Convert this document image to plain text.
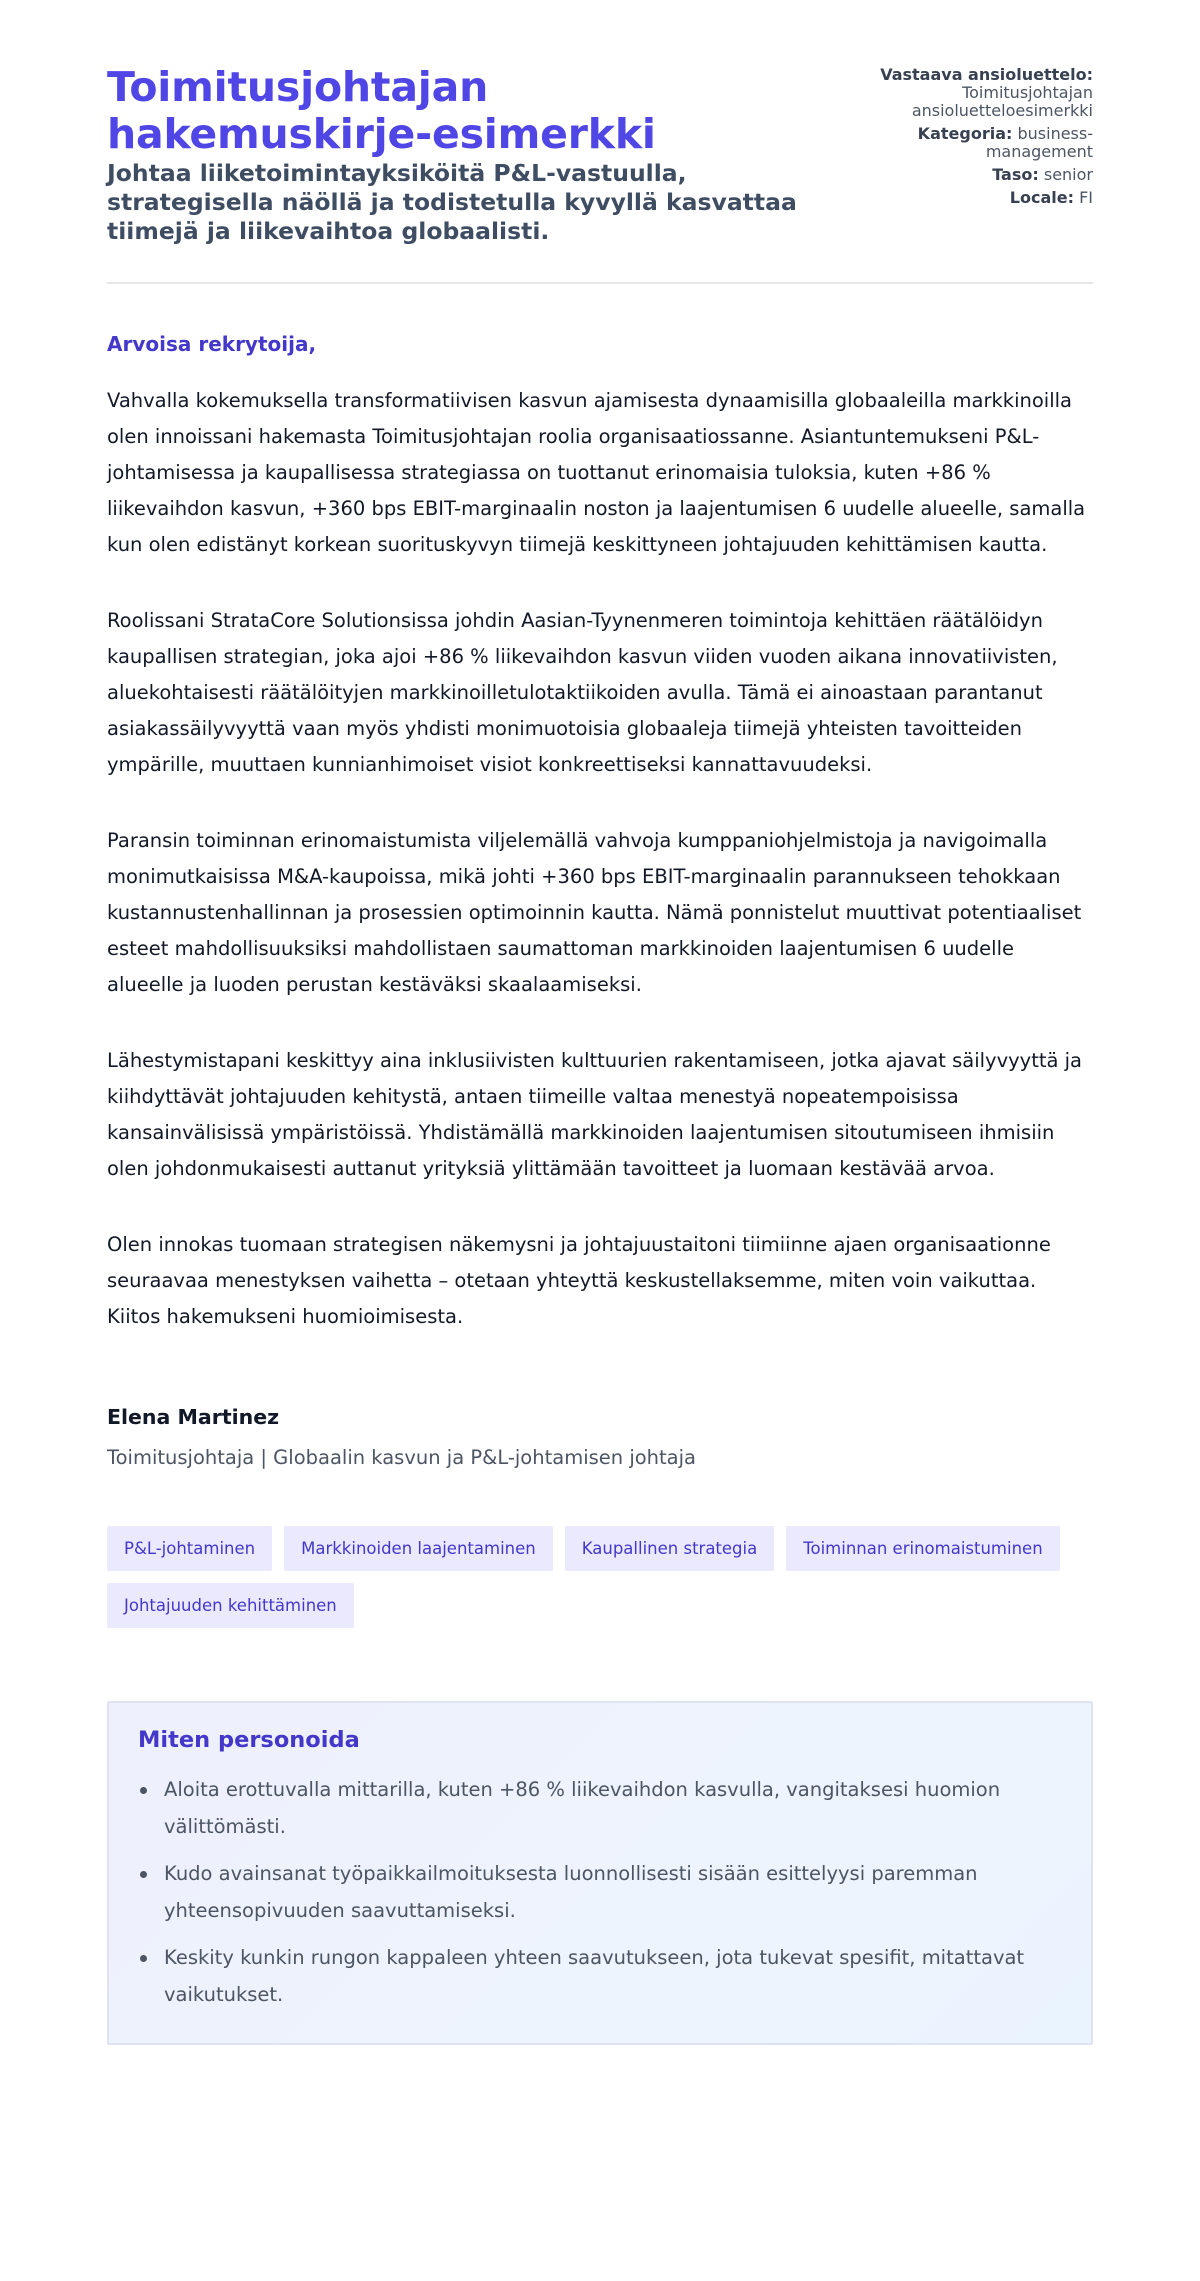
Toimitusjohtajan hakemuskirje-esimerkki
Johtaa liiketoimintayksiköitä P&L-vastuulla, strategisella näöllä ja todistetulla kyvyllä kasvattaa tiimejä ja liikevaihtoa globaalisti.
Vastaava ansioluettelo: Toimitusjohtajan ansioluetteloesimerkki
Kategoria: business-management
Taso: senior
Locale: FI

Arvoisa rekrytoija,

Vahvalla kokemuksella transformatiivisen kasvun ajamisesta dynaamisilla globaaleilla markkinoilla olen innoissani hakemasta Toimitusjohtajan roolia organisaatiossanne. Asiantuntemukseni P&L-johtamisessa ja kaupallisessa strategiassa on tuottanut erinomaisia tuloksia, kuten +86 % liikevaihdon kasvun, +360 bps EBIT-marginaalin noston ja laajentumisen 6 uudelle alueelle, samalla kun olen edistänyt korkean suorituskyvyn tiimejä keskittyneen johtajuuden kehittämisen kautta.

Roolissani StrataCore Solutionsissa johdin Aasian-Tyynenmeren toimintoja kehittäen räätälöidyn kaupallisen strategian, joka ajoi +86 % liikevaihdon kasvun viiden vuoden aikana innovatiivisten, aluekohtaisesti räätälöityjen markkinoilletulotaktiikoiden avulla. Tämä ei ainoastaan parantanut asiakassäilyvyyttä vaan myös yhdisti monimuotoisia globaaleja tiimejä yhteisten tavoitteiden ympärille, muuttaen kunnianhimoiset visiot konkreettiseksi kannattavuudeksi.

Paransin toiminnan erinomaistumista viljelemällä vahvoja kumppaniohjelmistoja ja navigoimalla monimutkaisissa M&A-kaupoissa, mikä johti +360 bps EBIT-marginaalin parannukseen tehokkaan kustannustenhallinnan ja prosessien optimoinnin kautta. Nämä ponnistelut muuttivat potentiaaliset esteet mahdollisuuksiksi mahdollistaen saumattoman markkinoiden laajentumisen 6 uudelle alueelle ja luoden perustan kestäväksi skaalaamiseksi.

Lähestymistapani keskittyy aina inklusiivisten kulttuurien rakentamiseen, jotka ajavat säilyvyyttä ja kiihdyttävät johtajuuden kehitystä, antaen tiimeille valtaa menestyä nopeatempoisissa kansainvälisissä ympäristöissä. Yhdistämällä markkinoiden laajentumisen sitoutumiseen ihmisiin olen johdonmukaisesti auttanut yrityksiä ylittämään tavoitteet ja luomaan kestävää arvoa.

Olen innokas tuomaan strategisen näkemysni ja johtajuustaitoni tiimiinne ajaen organisaationne seuraavaa menestyksen vaihetta – otetaan yhteyttä keskustellaksemme, miten voin vaikuttaa. Kiitos hakemukseni huomioimisesta.

Elena Martinez
Toimitusjohtaja | Globaalin kasvun ja P&L-johtamisen johtaja
P&L-johtaminen	Markkinoiden laajentaminen	Kaupallinen strategia	Toiminnan erinomaistuminen
Johtajuuden kehittäminen
Miten personoida
Aloita erottuvalla mittarilla, kuten +86 % liikevaihdon kasvulla, vangitaksesi huomion välittömästi.
Kudo avainsanat työpaikkailmoituksesta luonnollisesti sisään esittelyysi paremman yhteensopivuuden saavuttamiseksi.
Keskity kunkin rungon kappaleen yhteen saavutukseen, jota tukevat spesifit, mitattavat vaikutukset.
